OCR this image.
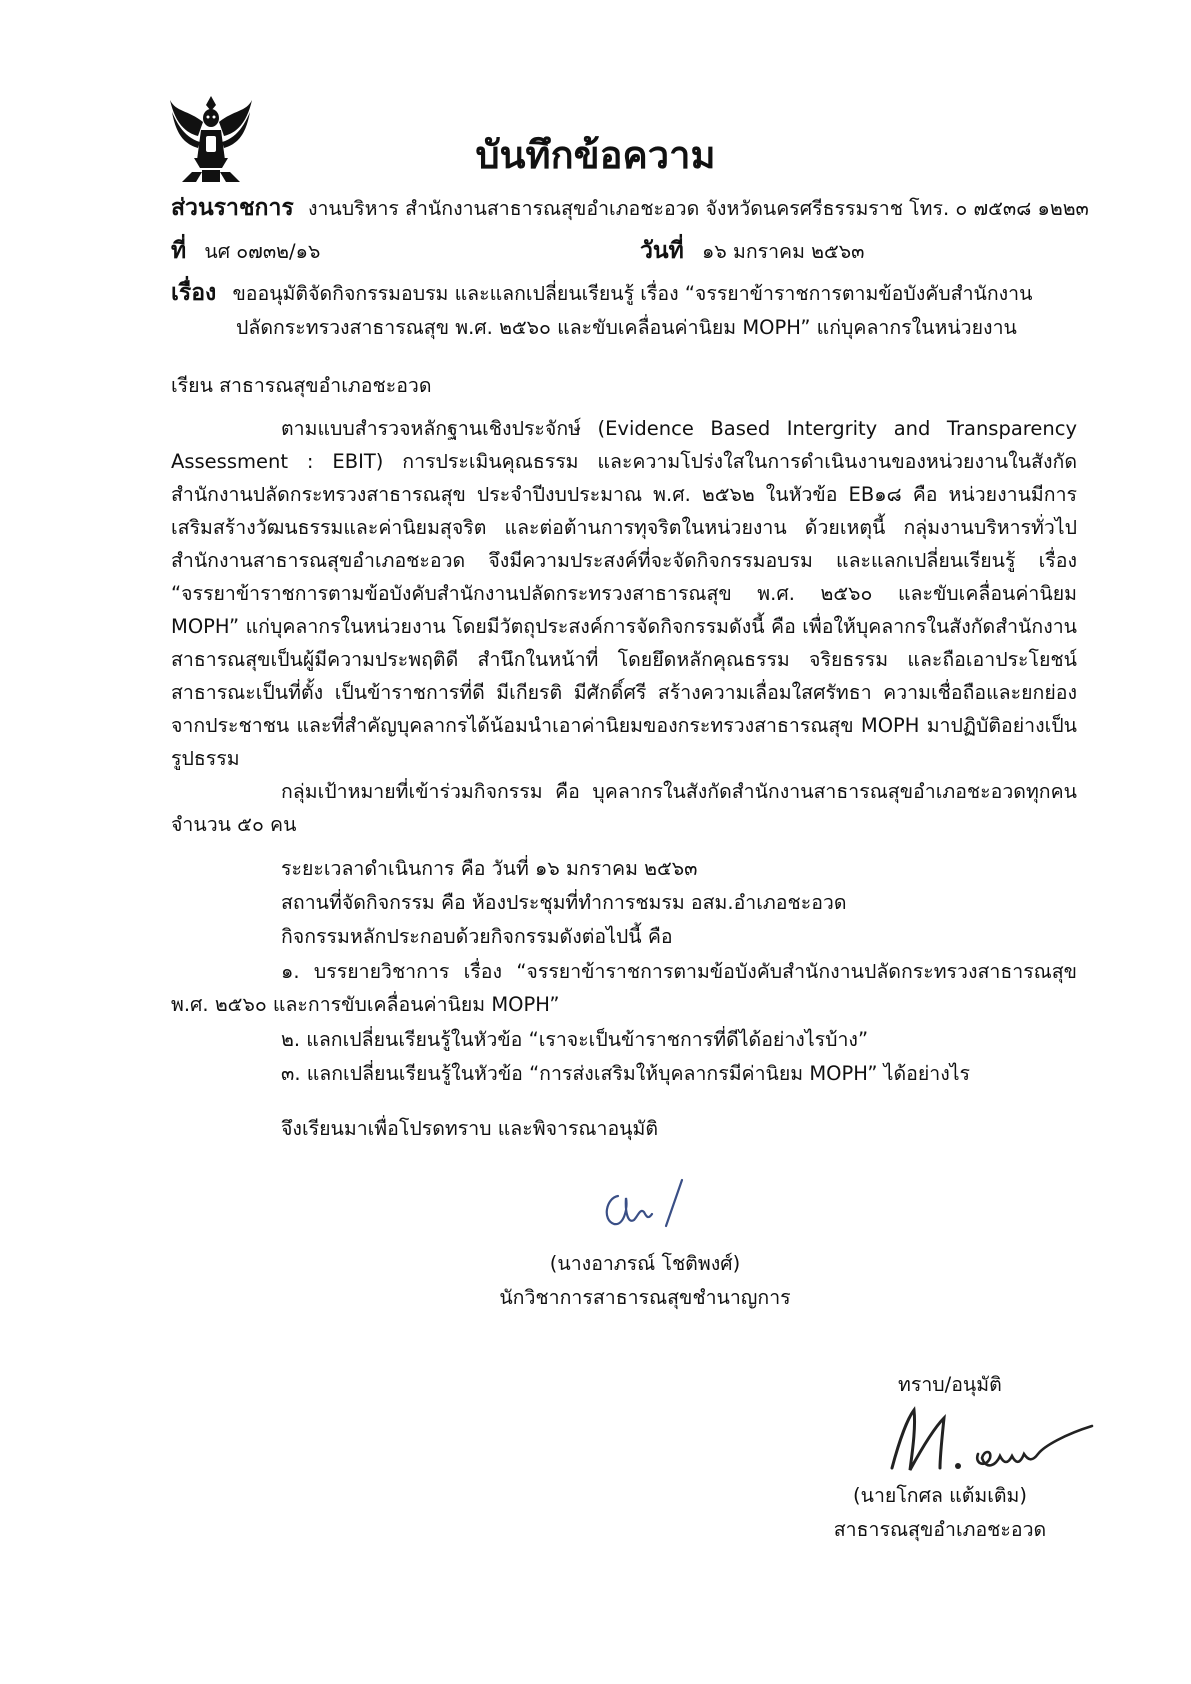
บันทึกข้อความ
ส่วนราชการ งานบริหาร สำนักงานสาธารณสุขอำเภอชะอวด จังหวัดนครศรีธรรมราช โทร. ๐ ๗๕๓๘ ๑๒๒๓
ที่ นศ ๐๗๓๒/๑๖	วันที่ ๑๖ มกราคม ๒๕๖๓
เรื่อง ขออนุมัติจัดกิจกรรมอบรม และแลกเปลี่ยนเรียนรู้ เรื่อง “จรรยาข้าราชการตามข้อบังคับสำนักงาน
ปลัดกระทรวงสาธารณสุข พ.ศ. ๒๕๖๐ และขับเคลื่อนค่านิยม MOPH” แก่บุคลากรในหน่วยงาน
เรียน สาธารณสุขอำเภอชะอวด
ตามแบบสำรวจหลักฐานเชิงประจักษ์ (Evidence Based Intergrity and Transparency Assessment : EBIT) การประเมินคุณธรรม และความโปร่งใสในการดำเนินงานของหน่วยงานในสังกัดสำนักงานปลัดกระทรวงสาธารณสุข ประจำปีงบประมาณ พ.ศ. ๒๕๖๒ ในหัวข้อ EB๑๘ คือ หน่วยงานมีการเสริมสร้างวัฒนธรรมและค่านิยมสุจริต และต่อต้านการทุจริตในหน่วยงาน ด้วยเหตุนี้ กลุ่มงานบริหารทั่วไปสำนักงานสาธารณสุขอำเภอชะอวด จึงมีความประสงค์ที่จะจัดกิจกรรมอบรม และแลกเปลี่ยนเรียนรู้ เรื่อง “จรรยาข้าราชการตามข้อบังคับสำนักงานปลัดกระทรวงสาธารณสุข พ.ศ. ๒๕๖๐ และขับเคลื่อนค่านิยม MOPH” แก่บุคลากรในหน่วยงาน โดยมีวัตถุประสงค์การจัดกิจกรรมดังนี้ คือ เพื่อให้บุคลากรในสังกัดสำนักงานสาธารณสุขเป็นผู้มีความประพฤติดี สำนึกในหน้าที่ โดยยึดหลักคุณธรรม จริยธรรม และถือเอาประโยชน์สาธารณะเป็นที่ตั้ง เป็นข้าราชการที่ดี มีเกียรติ มีศักดิ์ศรี สร้างความเลื่อมใสศรัทธา ความเชื่อถือและยกย่องจากประชาชน และที่สำคัญบุคลากรได้น้อมนำเอาค่านิยมของกระทรวงสาธารณสุข MOPH มาปฏิบัติอย่างเป็นรูปธรรม
กลุ่มเป้าหมายที่เข้าร่วมกิจกรรม คือ บุคลากรในสังกัดสำนักงานสาธารณสุขอำเภอชะอวดทุกคน จำนวน ๕๐ คน
ระยะเวลาดำเนินการ คือ วันที่ ๑๖ มกราคม ๒๕๖๓
สถานที่จัดกิจกรรม คือ ห้องประชุมที่ทำการชมรม อสม.อำเภอชะอวด
กิจกรรมหลักประกอบด้วยกิจกรรมดังต่อไปนี้ คือ
๑. บรรยายวิชาการ เรื่อง “จรรยาข้าราชการตามข้อบังคับสำนักงานปลัดกระทรวงสาธารณสุข พ.ศ. ๒๕๖๐ และการขับเคลื่อนค่านิยม MOPH”
๒. แลกเปลี่ยนเรียนรู้ในหัวข้อ “เราจะเป็นข้าราชการที่ดีได้อย่างไรบ้าง”
๓. แลกเปลี่ยนเรียนรู้ในหัวข้อ “การส่งเสริมให้บุคลากรมีค่านิยม MOPH” ได้อย่างไร
จึงเรียนมาเพื่อโปรดทราบ และพิจารณาอนุมัติ
(นางอาภรณ์ โชติพงศ์)
นักวิชาการสาธารณสุขชำนาญการ
ทราบ/อนุมัติ
(นายโกศล แต้มเติม)
สาธารณสุขอำเภอชะอวด
